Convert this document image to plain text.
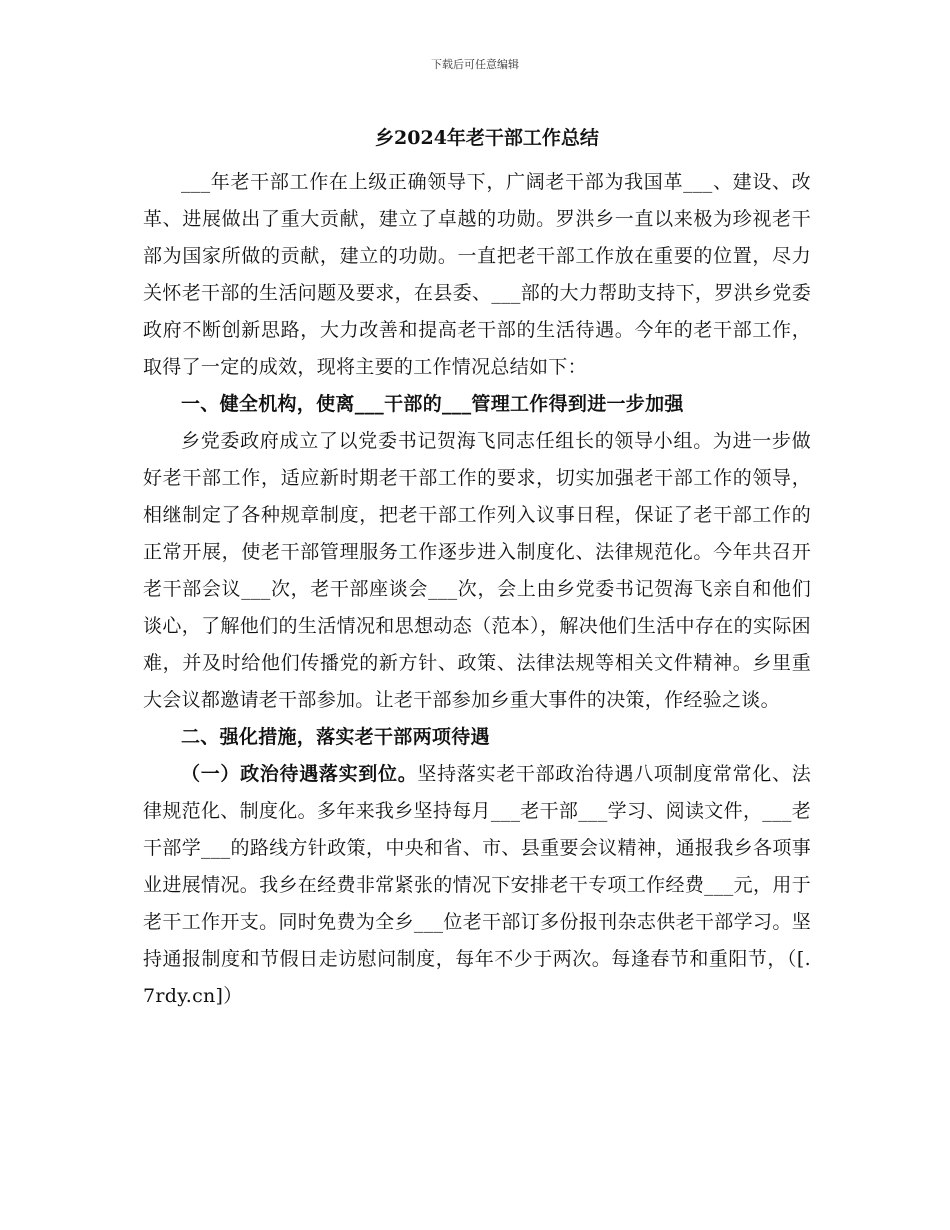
下载后可任意编辑
乡2024年老干部工作总结

___年老干部工作在上级正确领导下，广阔老干部为我国革___、建设、改革、进展做出了重大贡献，建立了卓越的功勋。罗洪乡一直以来极为珍视老干部为国家所做的贡献，建立的功勋。一直把老干部工作放在重要的位置，尽力关怀老干部的生活问题及要求，在县委、___部的大力帮助支持下，罗洪乡党委政府不断创新思路，大力改善和提高老干部的生活待遇。今年的老干部工作，取得了一定的成效，现将主要的工作情况总结如下：

一、健全机构，使离___干部的___管理工作得到进一步加强

乡党委政府成立了以党委书记贺海飞同志任组长的领导小组。为进一步做好老干部工作，适应新时期老干部工作的要求，切实加强老干部工作的领导，相继制定了各种规章制度，把老干部工作列入议事日程，保证了老干部工作的正常开展，使老干部管理服务工作逐步进入制度化、法律规范化。今年共召开老干部会议___次，老干部座谈会___次，会上由乡党委书记贺海飞亲自和他们谈心，了解他们的生活情况和思想动态（范本），解决他们生活中存在的实际困难，并及时给他们传播党的新方针、政策、法律法规等相关文件精神。乡里重大会议都邀请老干部参加。让老干部参加乡重大事件的决策，作经验之谈。

二、强化措施，落实老干部两项待遇

（一）政治待遇落实到位。坚持落实老干部政治待遇八项制度常常化、法律规范化、制度化。多年来我乡坚持每月___老干部___学习、阅读文件，___老干部学___的路线方针政策，中央和省、市、县重要会议精神，通报我乡各项事业进展情况。我乡在经费非常紧张的情况下安排老干专项工作经费___元，用于老干工作开支。同时免费为全乡___位老干部订多份报刊杂志供老干部学习。坚持通报制度和节假日走访慰问制度，每年不少于两次。每逢春节和重阳节，（[.7rdy.cn]）
